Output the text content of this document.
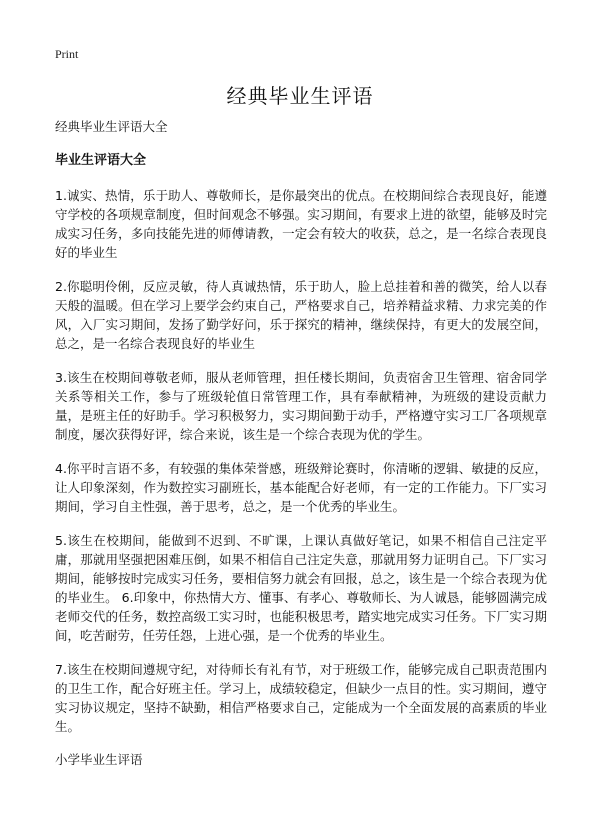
Print
经典毕业生评语

经典毕业生评语大全

毕业生评语大全

1.诚实、热情，乐于助人、尊敬师长，是你最突出的优点。在校期间综合表现良好，能遵守学校的各项规章制度，但时间观念不够强。实习期间，有要求上进的欲望，能够及时完成实习任务，多向技能先进的师傅请教，一定会有较大的收获，总之，是一名综合表现良好的毕业生

2.你聪明伶俐，反应灵敏，待人真诚热情，乐于助人，脸上总挂着和善的微笑，给人以春天般的温暖。但在学习上要学会约束自己，严格要求自己，培养精益求精、力求完美的作风，入厂实习期间，发扬了勤学好问，乐于探究的精神，继续保持，有更大的发展空间，总之，是一名综合表现良好的毕业生

3.该生在校期间尊敬老师，服从老师管理，担任楼长期间，负责宿舍卫生管理、宿舍同学关系等相关工作，参与了班级轮值日常管理工作，具有奉献精神，为班级的建设贡献力量，是班主任的好助手。学习积极努力，实习期间勤于动手，严格遵守实习工厂各项规章制度，屡次获得好评，综合来说，该生是一个综合表现为优的学生。

4.你平时言语不多，有较强的集体荣誉感，班级辩论赛时，你清晰的逻辑、敏捷的反应，让人印象深刻，作为数控实习副班长，基本能配合好老师，有一定的工作能力。下厂实习期间，学习自主性强，善于思考，总之，是一个优秀的毕业生。

5.该生在校期间，能做到不迟到、不旷课，上课认真做好笔记，如果不相信自己注定平庸，那就用坚强把困难压倒，如果不相信自己注定失意，那就用努力证明自己。下厂实习期间，能够按时完成实习任务，要相信努力就会有回报，总之，该生是一个综合表现为优的毕业生。 6.印象中，你热情大方、懂事、有孝心、尊敬师长、为人诚恳，能够圆满完成老师交代的任务，数控高级工实习时，也能积极思考，踏实地完成实习任务。下厂实习期间，吃苦耐劳，任劳任怨，上进心强，是一个优秀的毕业生。

7.该生在校期间遵规守纪，对待师长有礼有节，对于班级工作，能够完成自己职责范围内的卫生工作，配合好班主任。学习上，成绩较稳定，但缺少一点目的性。实习期间，遵守实习协议规定，坚持不缺勤，相信严格要求自己，定能成为一个全面发展的高素质的毕业生。

小学毕业生评语
